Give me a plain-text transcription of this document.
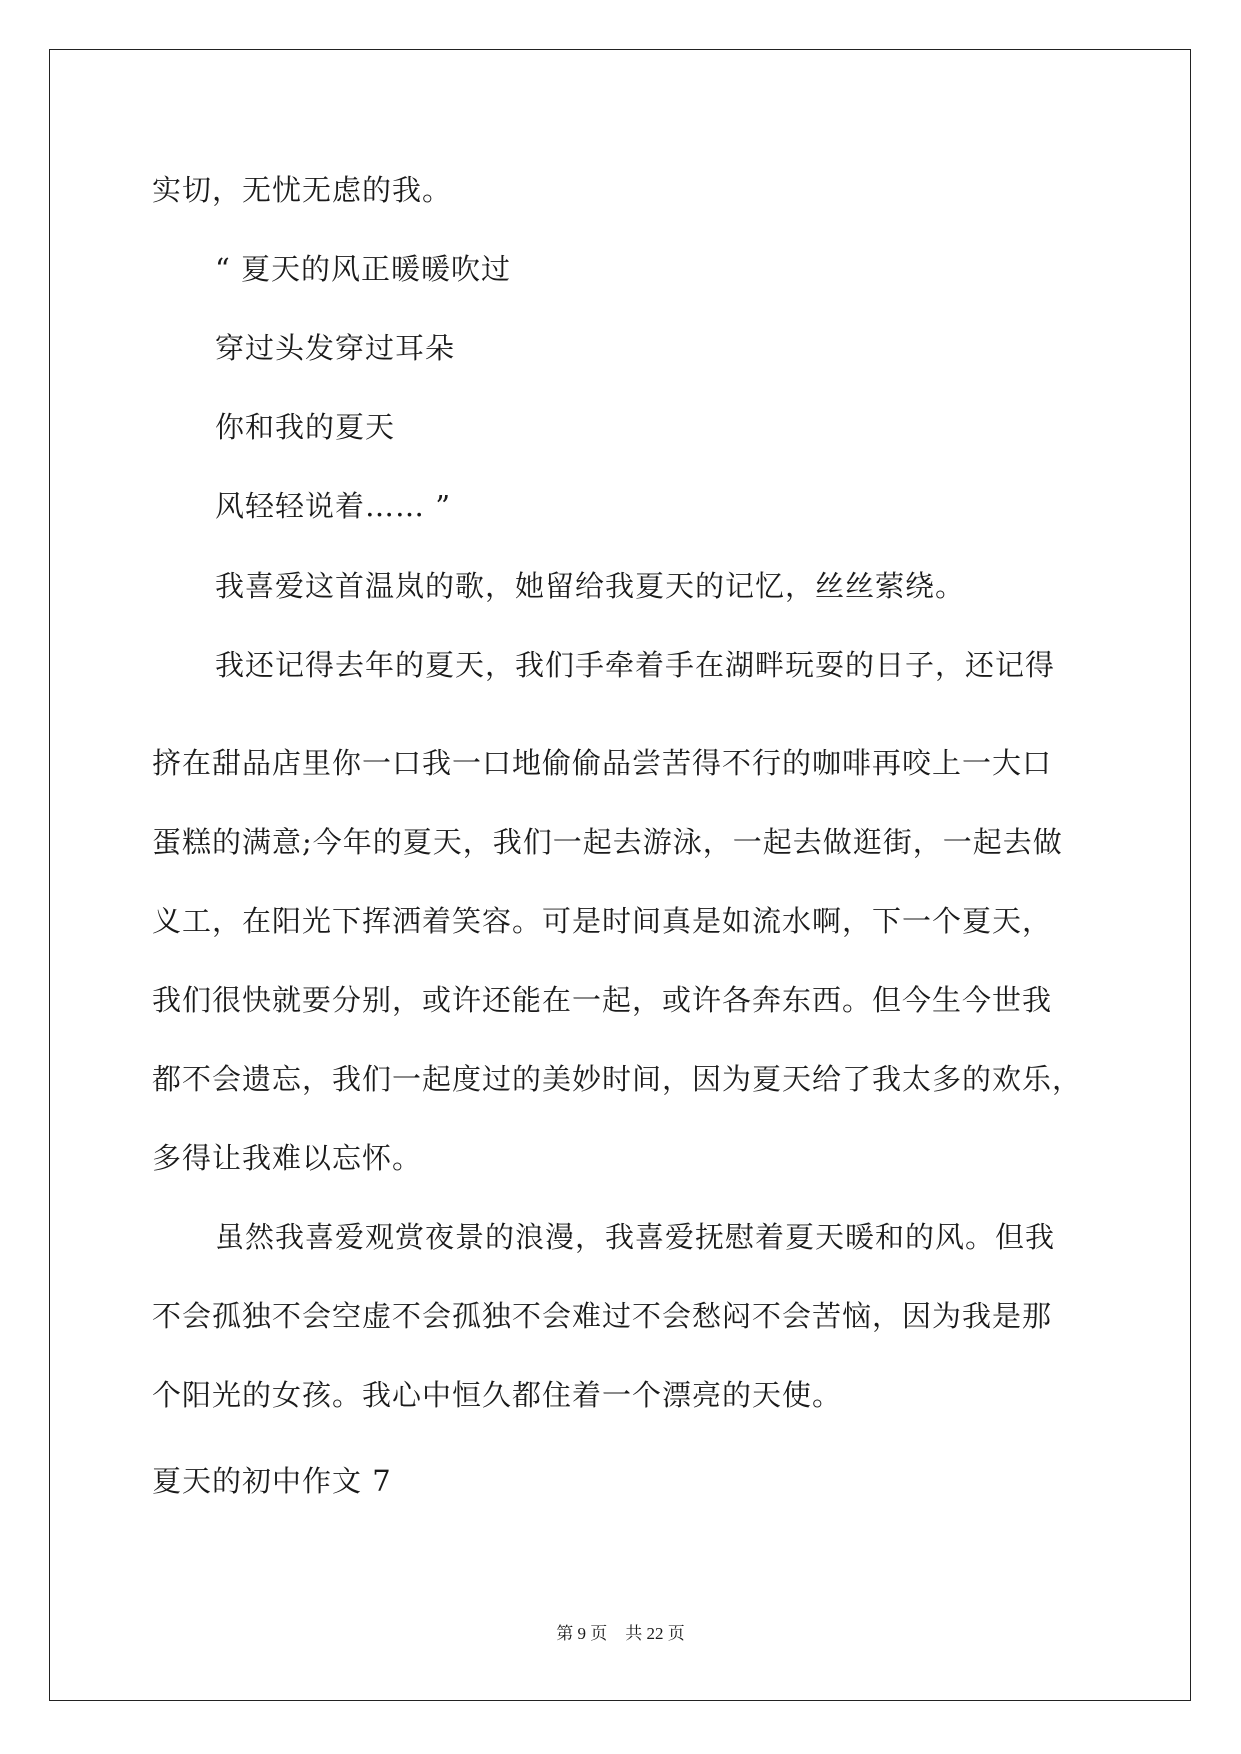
实切，无忧无虑的我。
“ 夏天的风正暖暖吹过
穿过头发穿过耳朵
你和我的夏天
风轻轻说着…… ”
我喜爱这首温岚的歌，她留给我夏天的记忆，丝丝萦绕。
我还记得去年的夏天，我们手牵着手在湖畔玩耍的日子，还记得
挤在甜品店里你一口我一口地偷偷品尝苦得不行的咖啡再咬上一大口
蛋糕的满意;今年的夏天，我们一起去游泳，一起去做逛街，一起去做
义工，在阳光下挥洒着笑容。可是时间真是如流水啊，下一个夏天，
我们很快就要分别，或许还能在一起，或许各奔东西。但今生今世我
都不会遗忘，我们一起度过的美妙时间，因为夏天给了我太多的欢乐，
多得让我难以忘怀。
虽然我喜爱观赏夜景的浪漫，我喜爱抚慰着夏天暖和的风。但我
不会孤独不会空虚不会孤独不会难过不会愁闷不会苦恼，因为我是那
个阳光的女孩。我心中恒久都住着一个漂亮的天使。
夏天的初中作文 7
第 9 页 共 22 页
